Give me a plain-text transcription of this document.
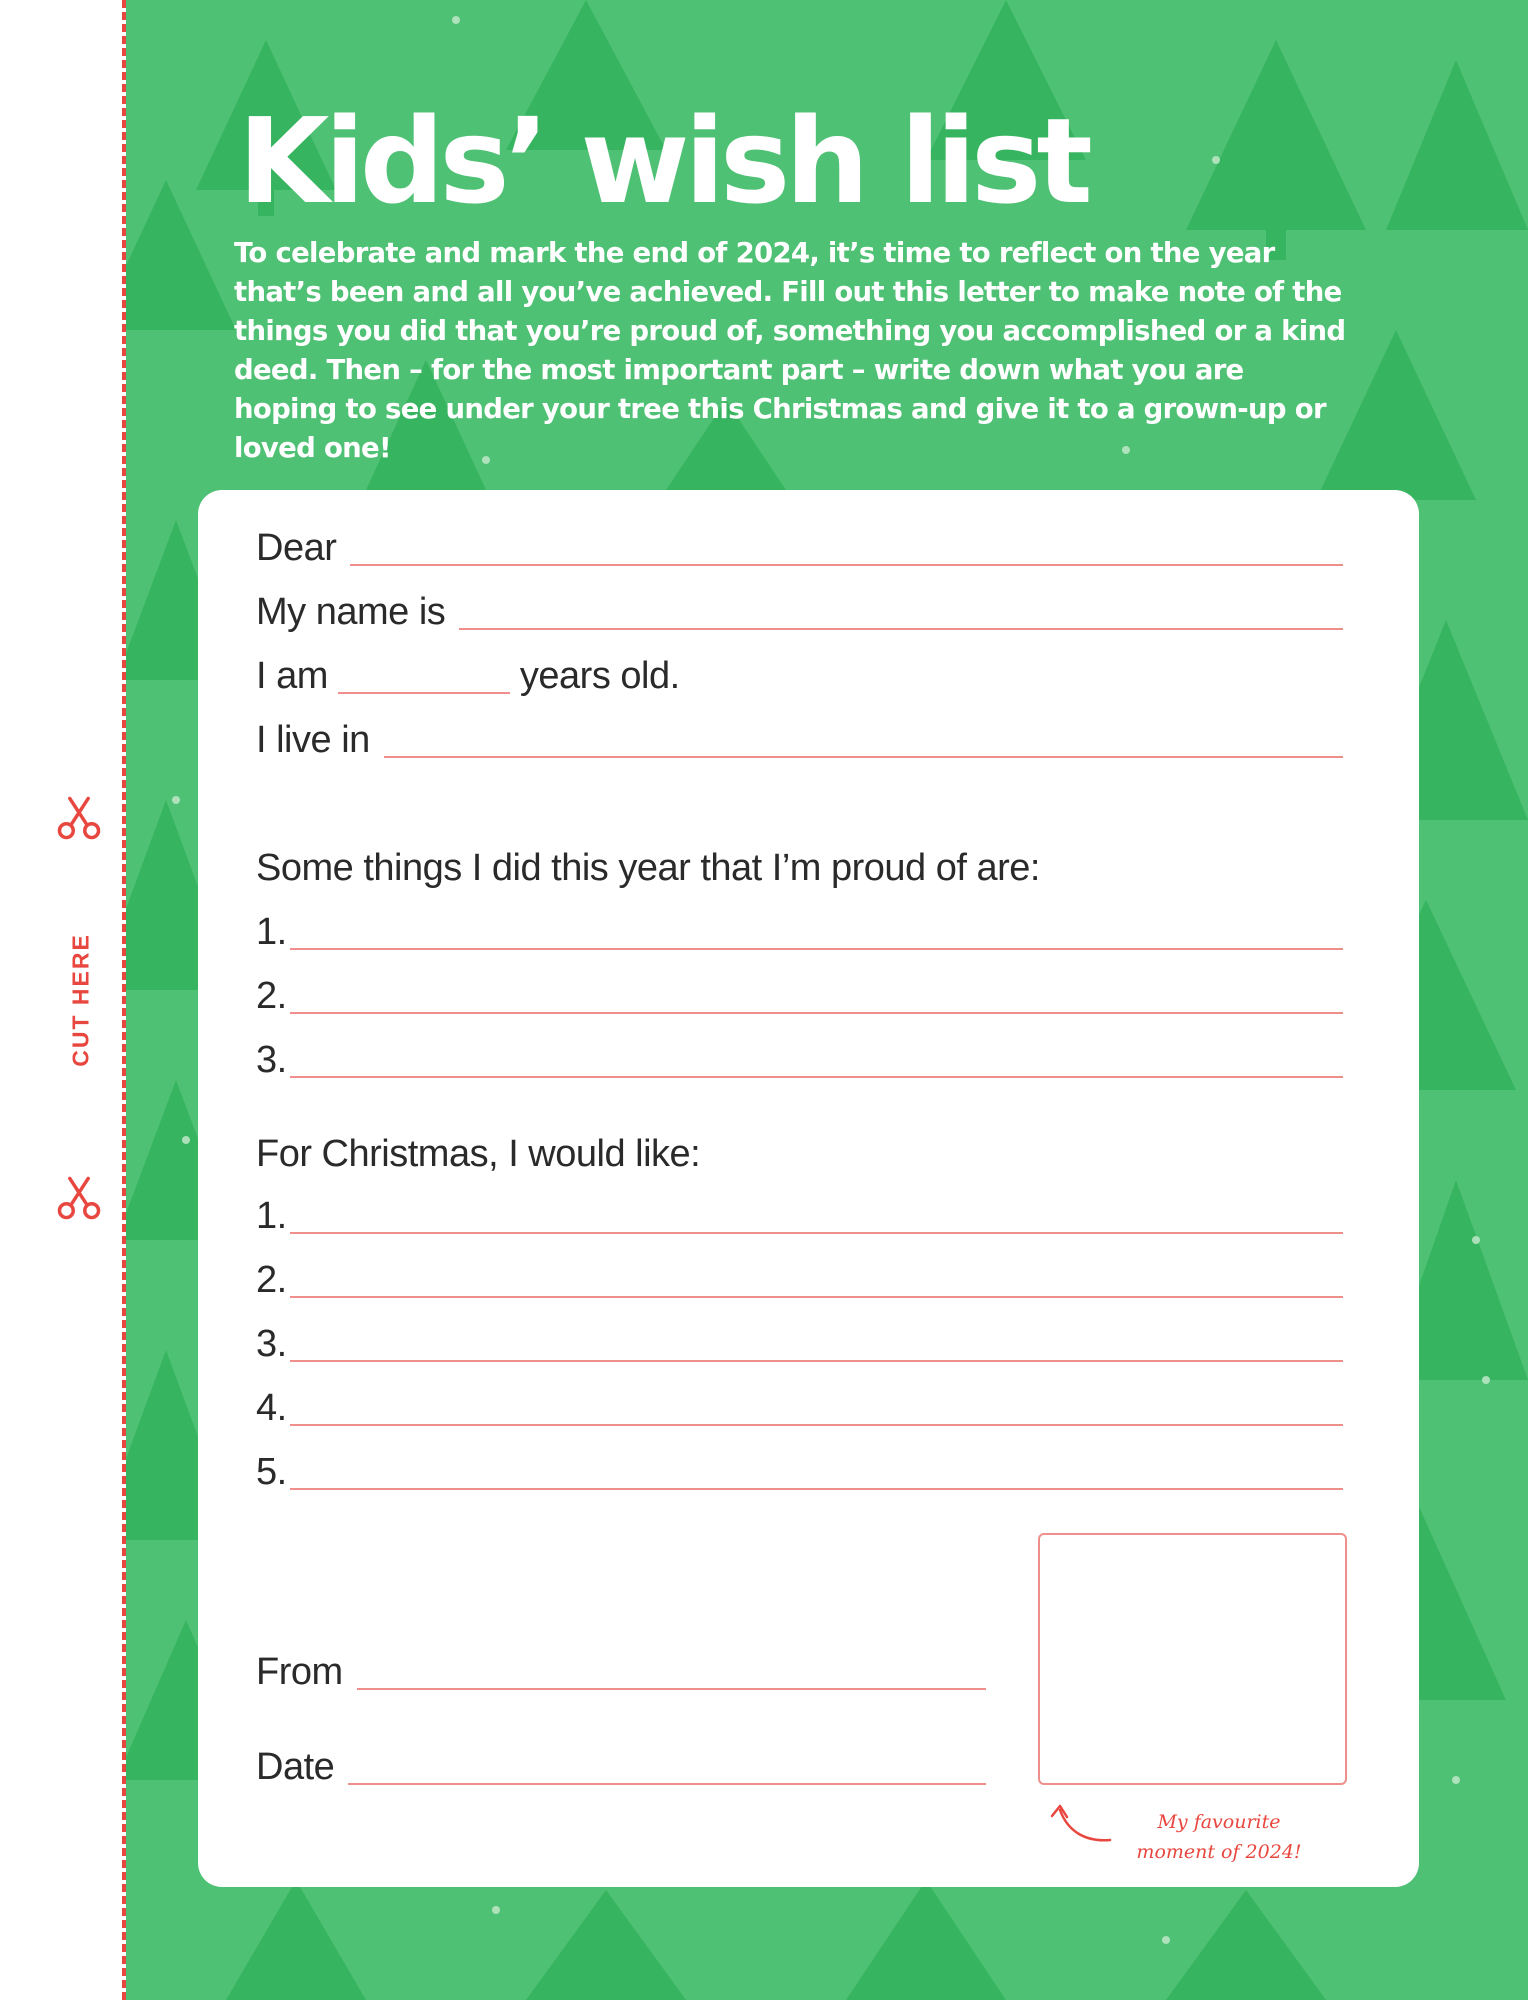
CUT HERE
Kids’ wish list

To celebrate and mark the end of 2024, it’s time to reflect on the year that’s been and all you’ve achieved. Fill out this letter to make note of the things you did that you’re proud of, something you accomplished or a kind deed. Then – for the most important part – write down what you are hoping to see under your tree this Christmas and give it to a grown-up or loved one!

Dear
My name is
I am	years old.
I live in
Some things I did this year that I’m proud of are:
1.
2.
3.
For Christmas, I would like:
1.
2.
3.
4.
5.
From
Date
My favourite
moment of 2024!
